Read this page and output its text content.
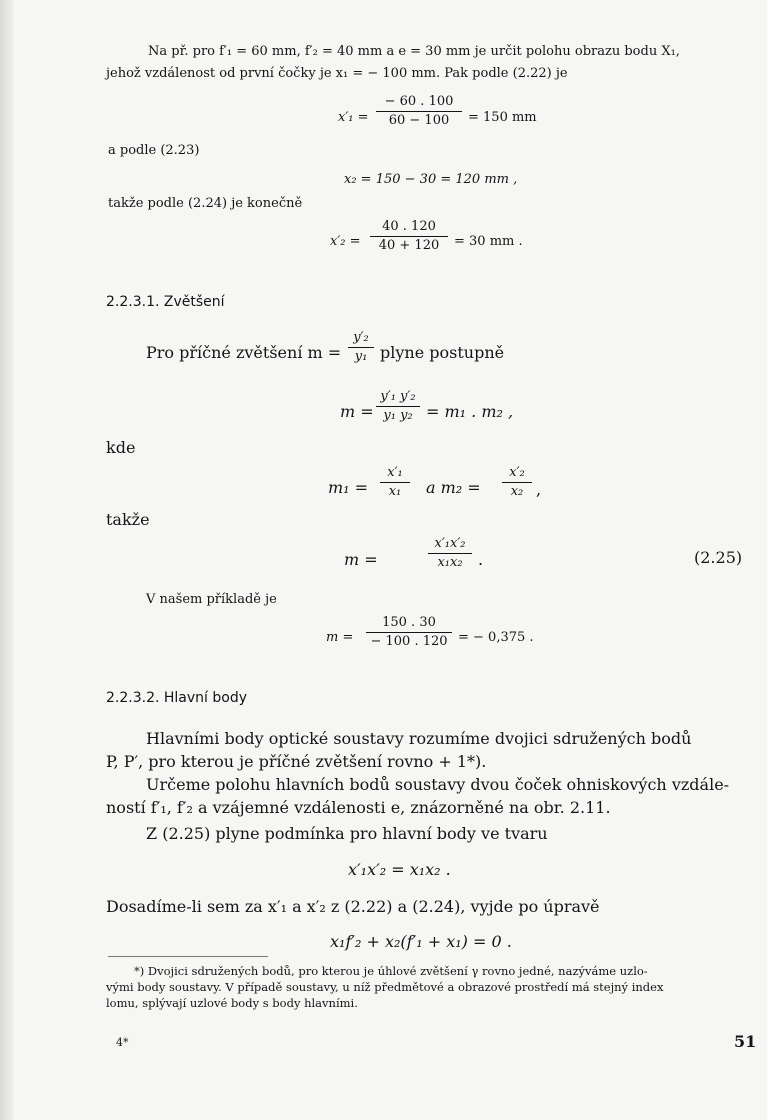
Na př. pro f′₁ = 60 mm, f′₂ = 40 mm a e = 30 mm je určit polohu obrazu bodu X₁,
jehož vzdálenost od první čočky je x₁ = − 100 mm. Pak podle (2.22) je
x′₁ =
− 60 . 100
60 − 100	= 150 mm
a podle (2.23)
x₂ = 150 − 30 = 120 mm ,
takže podle (2.24) je konečně
x′₂ =
40 . 120
40 + 120	= 30 mm .
2.2.3.1. Zvětšení
Pro příčné zvětšení m =
y′₂
y₁ plyne postupně
m =
y′₁ y′₂
y₁ y₂ = m₁ . m₂ ,
kde
m₁ =
x′₁
x₁	a m₂ =
x′₂
x₂ ,
takže
m =
x′₁x′₂
x₁x₂ .	(2.25)
V našem příkladě je
m =
150 . 30
− 100 . 120 = − 0,375 .
2.2.3.2. Hlavní body
Hlavními body optické soustavy rozumíme dvojici sdružených bodů
P, P′, pro kterou je příčné zvětšení rovno + 1*).
Určeme polohu hlavních bodů soustavy dvou čoček ohniskových vzdále-
ností f′₁, f′₂ a vzájemné vzdálenosti e, znázorněné na obr. 2.11.
Z (2.25) plyne podmínka pro hlavní body ve tvaru
x′₁x′₂ = x₁x₂ .
Dosadíme-li sem za x′₁ a x′₂ z (2.22) a (2.24), vyjde po úpravě
x₁f′₂ + x₂(f′₁ + x₁) = 0 .
*) Dvojici sdružených bodů, pro kterou je úhlové zvětšení γ rovno jedné, nazýváme uzlo-
vými body soustavy. V případě soustavy, u níž předmětové a obrazové prostředí má stejný index
lomu, splývají uzlové body s body hlavními.
4*	51
